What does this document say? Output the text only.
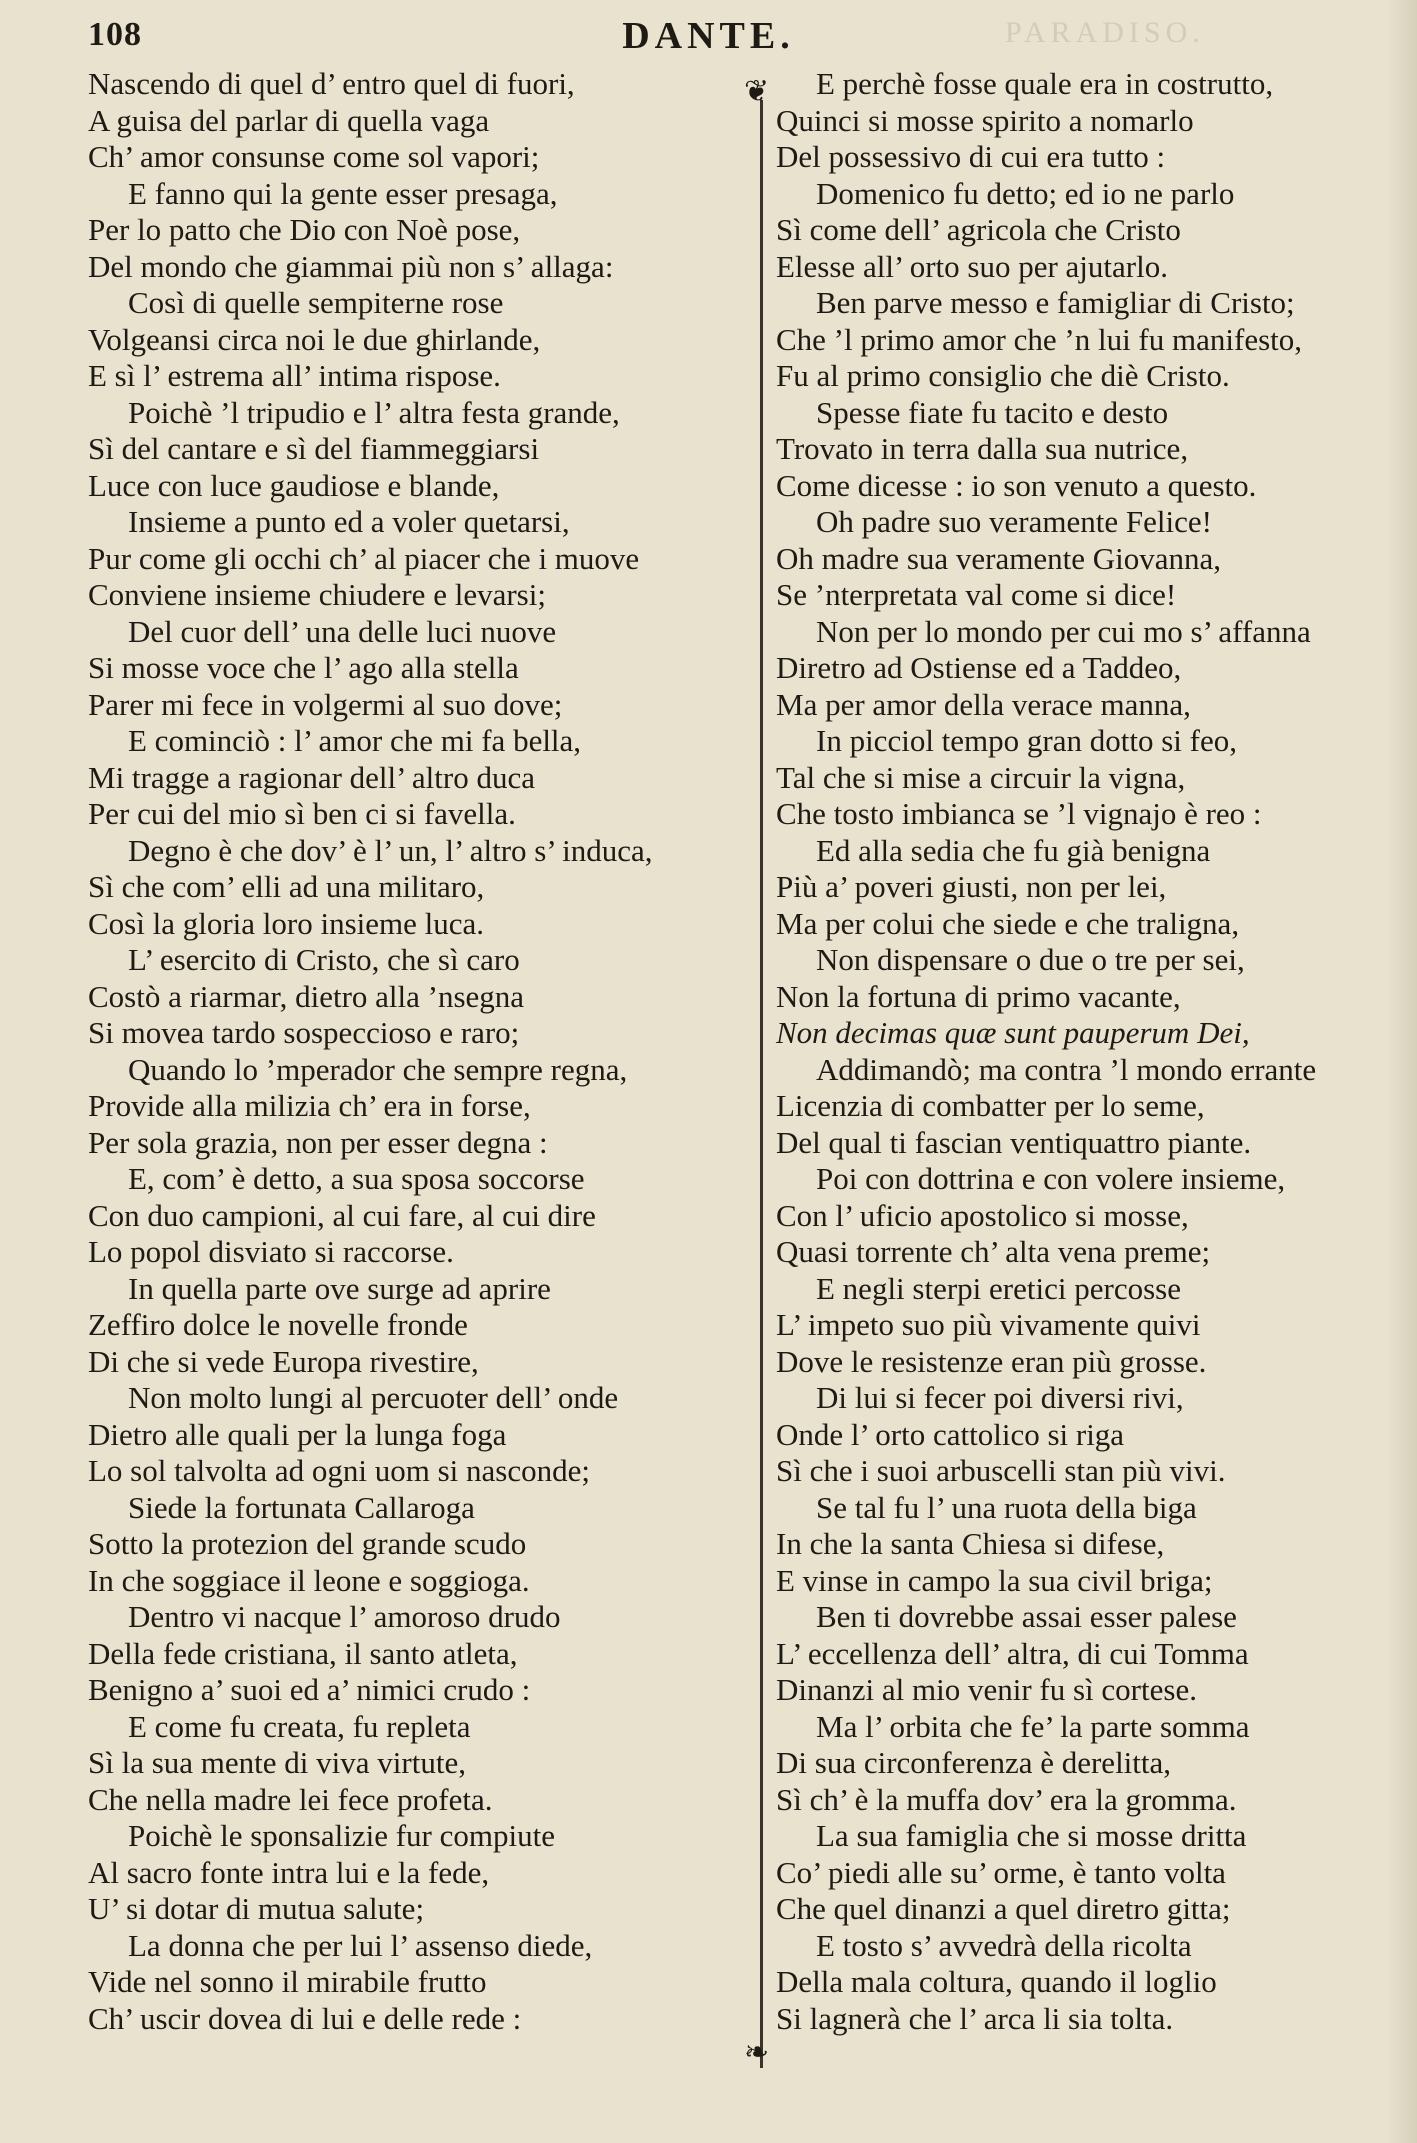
108	DANTE.	PARADISO.
Nascendo di quel d’ entro quel di fuori,
A guisa del parlar di quella vaga
Ch’ amor consunse come sol vapori;
E fanno qui la gente esser presaga,
Per lo patto che Dio con Noè pose,
Del mondo che giammai più non s’ allaga:
Così di quelle sempiterne rose
Volgeansi circa noi le due ghirlande,
E sì l’ estrema all’ intima rispose.
Poichè ’l tripudio e l’ altra festa grande,
Sì del cantare e sì del fiammeggiarsi
Luce con luce gaudiose e blande,
Insieme a punto ed a voler quetarsi,
Pur come gli occhi ch’ al piacer che i muove
Conviene insieme chiudere e levarsi;
Del cuor dell’ una delle luci nuove
Si mosse voce che l’ ago alla stella
Parer mi fece in volgermi al suo dove;
E cominciò : l’ amor che mi fa bella,
Mi tragge a ragionar dell’ altro duca
Per cui del mio sì ben ci si favella.
Degno è che dov’ è l’ un, l’ altro s’ induca,
Sì che com’ elli ad una militaro,
Così la gloria loro insieme luca.
L’ esercito di Cristo, che sì caro
Costò a riarmar, dietro alla ’nsegna
Si movea tardo sospeccioso e raro;
Quando lo ’mperador che sempre regna,
Provide alla milizia ch’ era in forse,
Per sola grazia, non per esser degna :
E, com’ è detto, a sua sposa soccorse
Con duo campioni, al cui fare, al cui dire
Lo popol disviato si raccorse.
In quella parte ove surge ad aprire
Zeffiro dolce le novelle fronde
Di che si vede Europa rivestire,
Non molto lungi al percuoter dell’ onde
Dietro alle quali per la lunga foga
Lo sol talvolta ad ogni uom si nasconde;
Siede la fortunata Callaroga
Sotto la protezion del grande scudo
In che soggiace il leone e soggioga.
Dentro vi nacque l’ amoroso drudo
Della fede cristiana, il santo atleta,
Benigno a’ suoi ed a’ nimici crudo :
E come fu creata, fu repleta
Sì la sua mente di viva virtute,
Che nella madre lei fece profeta.
Poichè le sponsalizie fur compiute
Al sacro fonte intra lui e la fede,
U’ si dotar di mutua salute;
La donna che per lui l’ assenso diede,
Vide nel sonno il mirabile frutto
Ch’ uscir dovea di lui e delle rede :
❦
❧
E perchè fosse quale era in costrutto,
Quinci si mosse spirito a nomarlo
Del possessivo di cui era tutto :
Domenico fu detto; ed io ne parlo
Sì come dell’ agricola che Cristo
Elesse all’ orto suo per ajutarlo.
Ben parve messo e famigliar di Cristo;
Che ’l primo amor che ’n lui fu manifesto,
Fu al primo consiglio che diè Cristo.
Spesse fiate fu tacito e desto
Trovato in terra dalla sua nutrice,
Come dicesse : io son venuto a questo.
Oh padre suo veramente Felice!
Oh madre sua veramente Giovanna,
Se ’nterpretata val come si dice!
Non per lo mondo per cui mo s’ affanna
Diretro ad Ostiense ed a Taddeo,
Ma per amor della verace manna,
In picciol tempo gran dotto si feo,
Tal che si mise a circuir la vigna,
Che tosto imbianca se ’l vignajo è reo :
Ed alla sedia che fu già benigna
Più a’ poveri giusti, non per lei,
Ma per colui che siede e che traligna,
Non dispensare o due o tre per sei,
Non la fortuna di primo vacante,
Non decimas quæ sunt pauperum Dei,
Addimandò; ma contra ’l mondo errante
Licenzia di combatter per lo seme,
Del qual ti fascian ventiquattro piante.
Poi con dottrina e con volere insieme,
Con l’ uficio apostolico si mosse,
Quasi torrente ch’ alta vena preme;
E negli sterpi eretici percosse
L’ impeto suo più vivamente quivi
Dove le resistenze eran più grosse.
Di lui si fecer poi diversi rivi,
Onde l’ orto cattolico si riga
Sì che i suoi arbuscelli stan più vivi.
Se tal fu l’ una ruota della biga
In che la santa Chiesa si difese,
E vinse in campo la sua civil briga;
Ben ti dovrebbe assai esser palese
L’ eccellenza dell’ altra, di cui Tomma
Dinanzi al mio venir fu sì cortese.
Ma l’ orbita che fe’ la parte somma
Di sua circonferenza è derelitta,
Sì ch’ è la muffa dov’ era la gromma.
La sua famiglia che si mosse dritta
Co’ piedi alle su’ orme, è tanto volta
Che quel dinanzi a quel diretro gitta;
E tosto s’ avvedrà della ricolta
Della mala coltura, quando il loglio
Si lagnerà che l’ arca li sia tolta.
